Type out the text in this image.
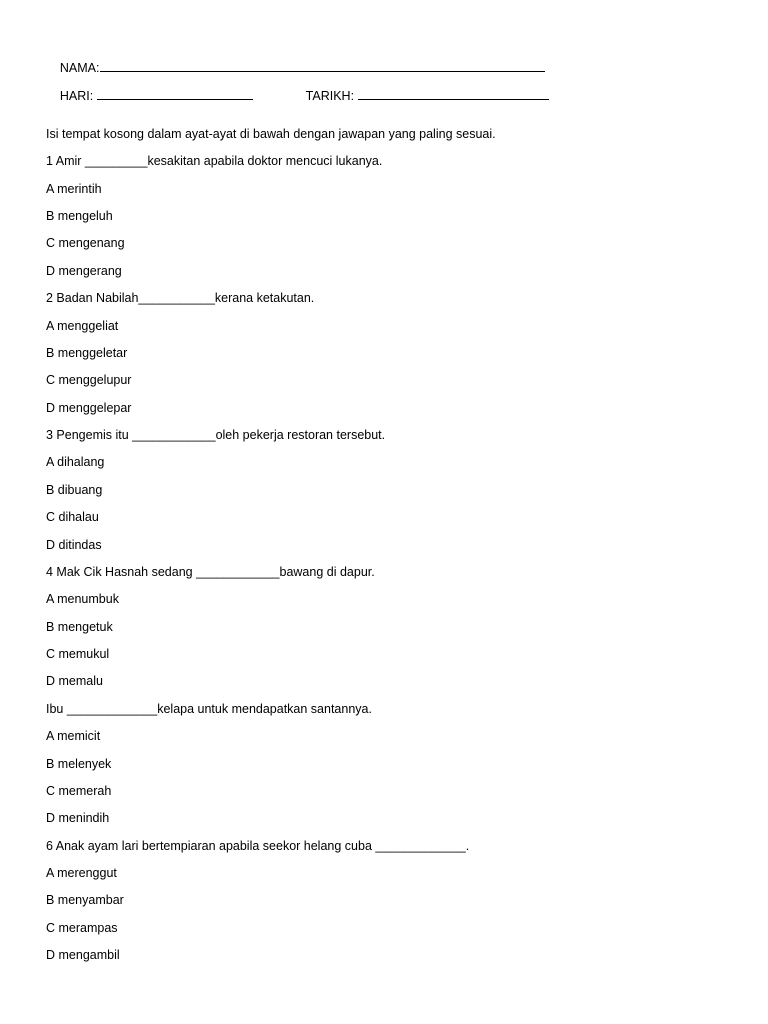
NAMA:

HARI:
	TARIKH:

Isi tempat kosong dalam ayat-ayat di bawah dengan jawapan yang paling sesuai.
1 Amir _________kesakitan apabila doktor mencuci lukanya.
A merintih
B mengeluh
C mengenang
D mengerang
2 Badan Nabilah___________kerana ketakutan.
A menggeliat
B menggeletar
C menggelupur
D menggelepar
3 Pengemis itu ____________oleh pekerja restoran tersebut.
A dihalang
B dibuang
C dihalau
D ditindas
4 Mak Cik Hasnah sedang ____________bawang di dapur.
A menumbuk
B mengetuk
C memukul
D memalu
Ibu _____________kelapa untuk mendapatkan santannya.
A memicit
B melenyek
C memerah
D menindih
6 Anak ayam lari bertempiaran apabila seekor helang cuba _____________.
A merenggut
B menyambar
C merampas
D mengambil
